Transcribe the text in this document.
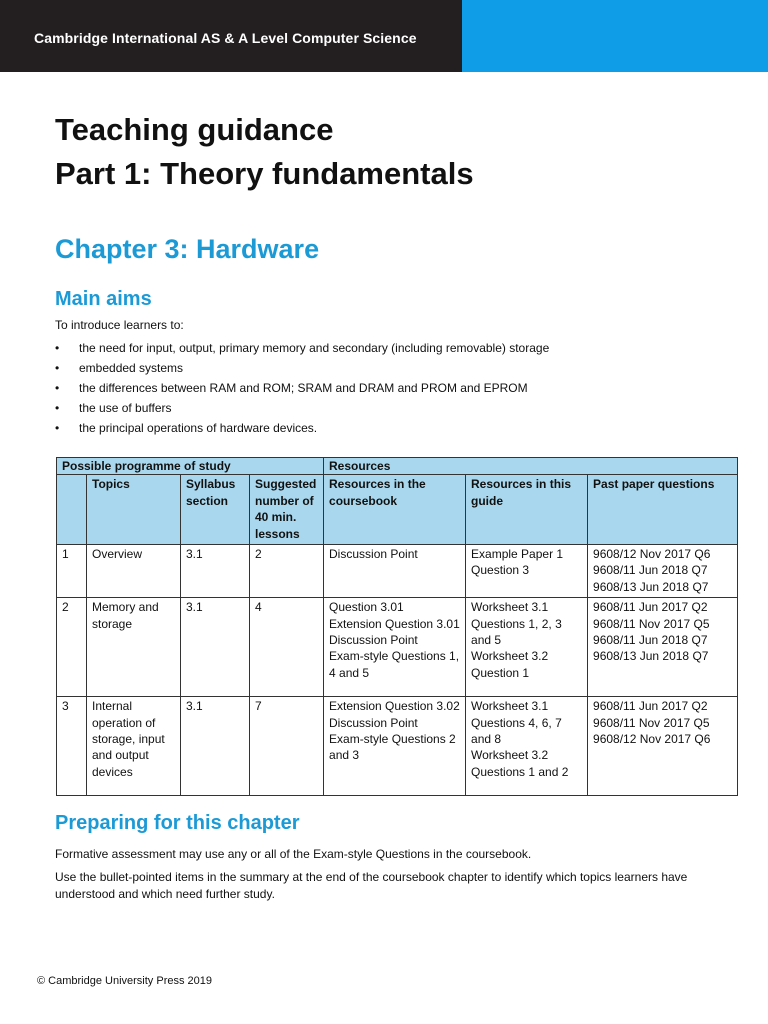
Cambridge International AS & A Level Computer Science
Teaching guidance
Part 1: Theory fundamentals
Chapter 3: Hardware
Main aims

To introduce learners to:

• the need for input, output, primary memory and secondary (including removable) storage
• embedded systems
• the differences between RAM and ROM; SRAM and DRAM and PROM and EPROM
• the use of buffers
• the principal operations of hardware devices.
Possible programme of study				Resources		
	Topics	Syllabus section	Suggested number of 40 min. lessons	Resources in the coursebook	Resources in this guide	Past paper questions
1	Overview	3.1	2	Discussion Point	Example Paper 1 Question 3	9608/12 Nov 2017 Q6
9608/11 Jun 2018 Q7
9608/13 Jun 2018 Q7

2	Memory and storage	3.1	4	Question 3.01
Extension Question 3.01
Discussion Point
Exam-style Questions 1, 4 and 5	Worksheet 3.1 Questions 1, 2, 3 and 5
Worksheet 3.2 Question 1	9608/11 Jun 2017 Q2
9608/11 Nov 2017 Q5
9608/11 Jun 2018 Q7
9608/13 Jun 2018 Q7

3	Internal operation of storage, input and output devices	3.1	7	Extension Question 3.02
Discussion Point
Exam-style Questions 2 and 3	Worksheet 3.1 Questions 4, 6, 7 and 8
Worksheet 3.2 Questions 1 and 2	9608/11 Jun 2017 Q2
9608/11 Nov 2017 Q5
9608/12 Nov 2017 Q6
Preparing for this chapter

Formative assessment may use any or all of the Exam-style Questions in the coursebook.

Use the bullet-pointed items in the summary at the end of the coursebook chapter to identify which topics learners have understood and which need further study.

© Cambridge University Press 2019
